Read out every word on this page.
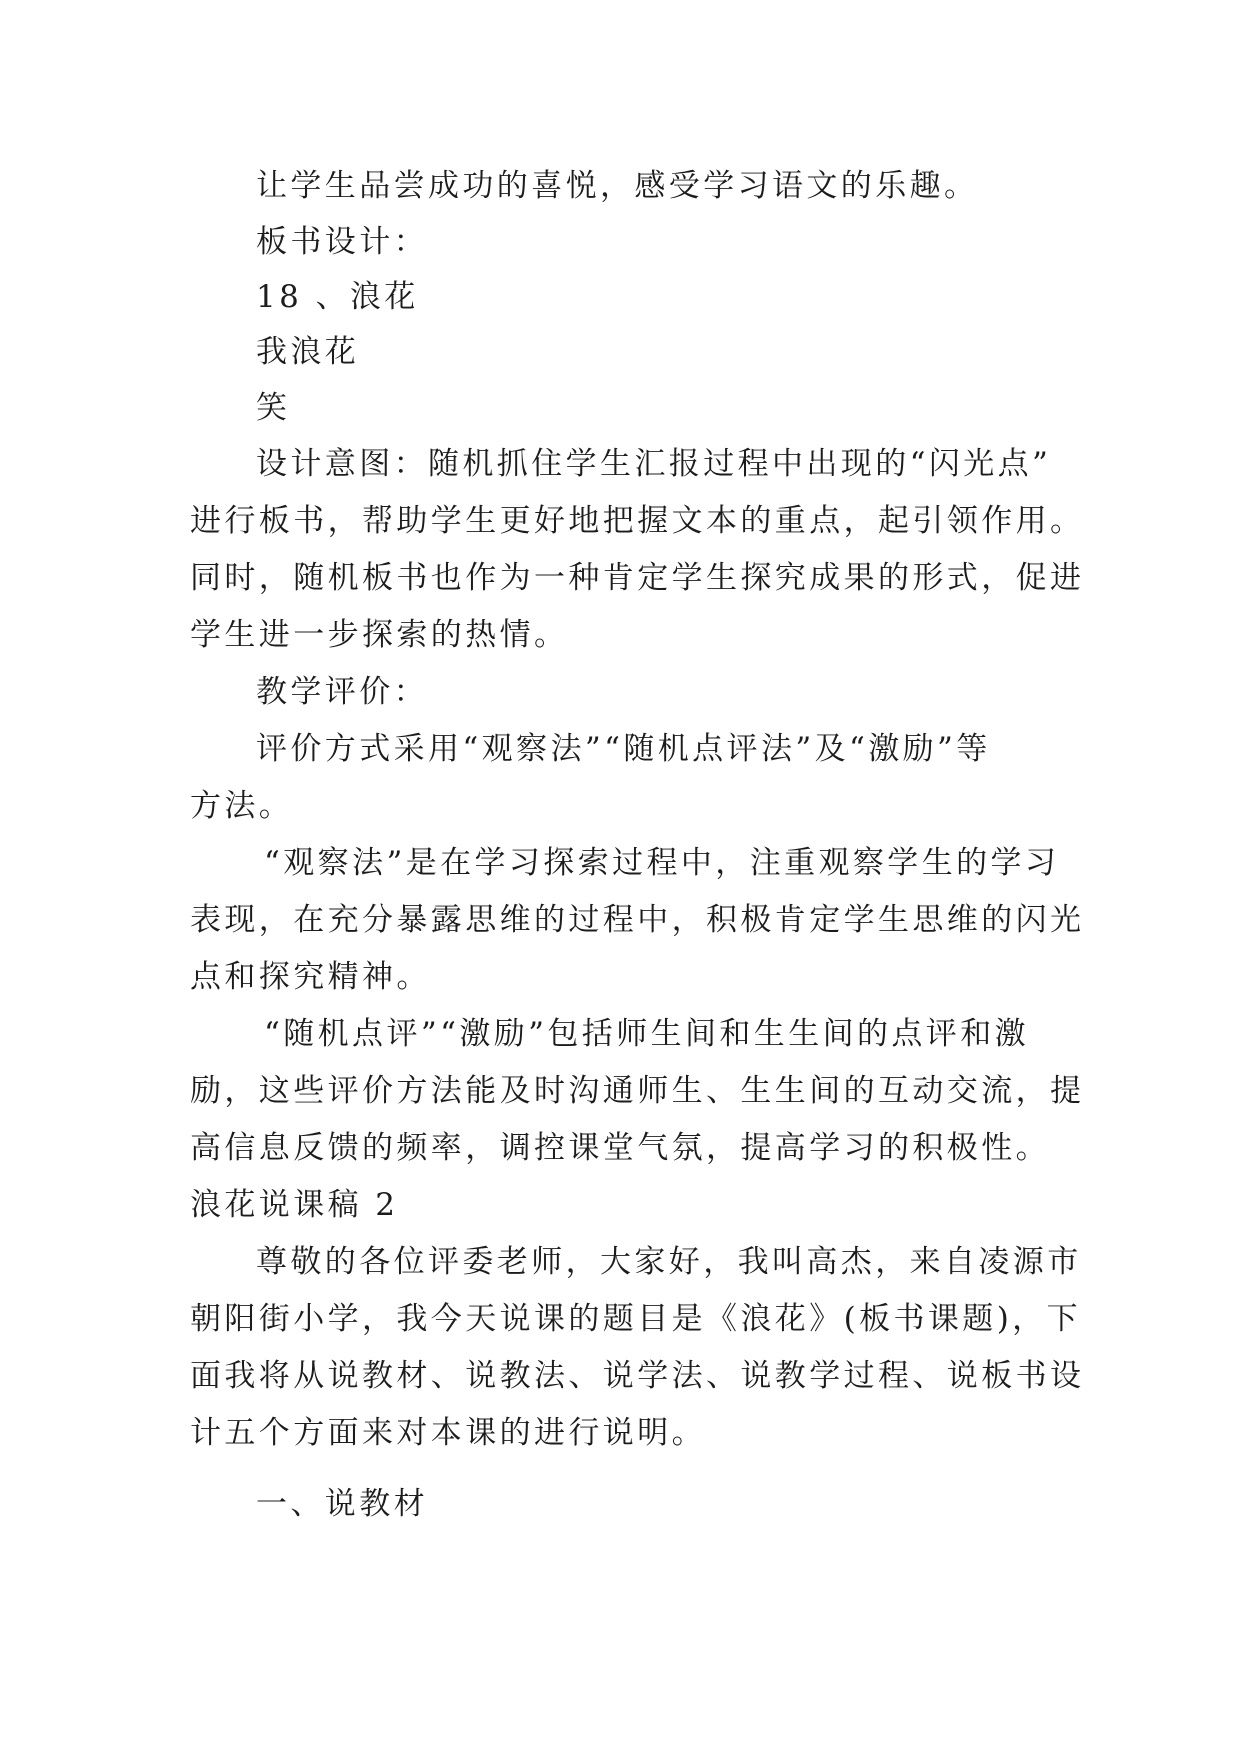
让学生品尝成功的喜悦，感受学习语文的乐趣。
板书设计：
18 、浪花
我浪花
笑
设计意图：随机抓住学生汇报过程中出现的“闪光点”
进行板书，帮助学生更好地把握文本的重点，起引领作用。
同时，随机板书也作为一种肯定学生探究成果的形式，促进
学生进一步探索的热情。
教学评价：
评价方式采用“观察法”“随机点评法”及“激励”等
方法。
“观察法”是在学习探索过程中，注重观察学生的学习
表现，在充分暴露思维的过程中，积极肯定学生思维的闪光
点和探究精神。
“随机点评”“激励”包括师生间和生生间的点评和激
励，这些评价方法能及时沟通师生、生生间的互动交流，提
高信息反馈的频率，调控课堂气氛，提高学习的积极性。
浪花说课稿 2
尊敬的各位评委老师，大家好，我叫高杰，来自凌源市
朝阳街小学，我今天说课的题目是《浪花》(板书课题)，下
面我将从说教材、说教法、说学法、说教学过程、说板书设
计五个方面来对本课的进行说明。
一、说教材
